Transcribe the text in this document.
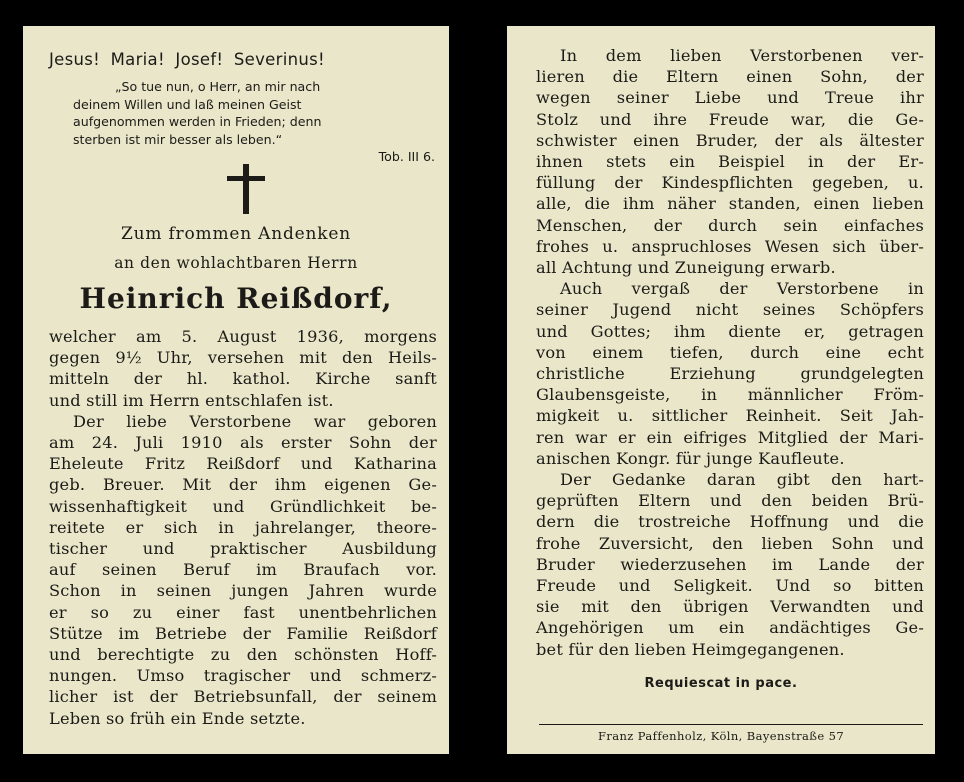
Jesus! Maria! Josef! Severinus!
„So tue nun, o Herr, an mir nach
deinem Willen und laß meinen Geist
aufgenommen werden in Frieden; denn
sterben ist mir besser als leben.“
Tob. III 6.
Zum frommen Andenken
an den wohlachtbaren Herrn
Heinrich Reißdorf,
welcher am 5. August 1936, morgens
gegen 9½ Uhr, versehen mit den Heils-
mitteln der hl. kathol. Kirche sanft
und still im Herrn entschlafen ist.
Der liebe Verstorbene war geboren
am 24. Juli 1910 als erster Sohn der
Eheleute Fritz Reißdorf und Katharina
geb. Breuer. Mit der ihm eigenen Ge-
wissenhaftigkeit und Gründlichkeit be-
reitete er sich in jahrelanger, theore-
tischer und praktischer Ausbildung
auf seinen Beruf im Braufach vor.
Schon in seinen jungen Jahren wurde
er so zu einer fast unentbehrlichen
Stütze im Betriebe der Familie Reißdorf
und berechtigte zu den schönsten Hoff-
nungen. Umso tragischer und schmerz-
licher ist der Betriebsunfall, der seinem
Leben so früh ein Ende setzte.
In dem lieben Verstorbenen ver-
lieren die Eltern einen Sohn, der
wegen seiner Liebe und Treue ihr
Stolz und ihre Freude war, die Ge-
schwister einen Bruder, der als ältester
ihnen stets ein Beispiel in der Er-
füllung der Kindespflichten gegeben, u.
alle, die ihm näher standen, einen lieben
Menschen, der durch sein einfaches
frohes u. anspruchloses Wesen sich über-
all Achtung und Zuneigung erwarb.
Auch vergaß der Verstorbene in
seiner Jugend nicht seines Schöpfers
und Gottes; ihm diente er, getragen
von einem tiefen, durch eine echt
christliche Erziehung grundgelegten
Glaubensgeiste, in männlicher Fröm-
migkeit u. sittlicher Reinheit. Seit Jah-
ren war er ein eifriges Mitglied der Mari-
anischen Kongr. für junge Kaufleute.
Der Gedanke daran gibt den hart-
geprüften Eltern und den beiden Brü-
dern die trostreiche Hoffnung und die
frohe Zuversicht, den lieben Sohn und
Bruder wiederzusehen im Lande der
Freude und Seligkeit. Und so bitten
sie mit den übrigen Verwandten und
Angehörigen um ein andächtiges Ge-
bet für den lieben Heimgegangenen.
Requiescat in pace.
Franz Paffenholz, Köln, Bayenstraße 57
